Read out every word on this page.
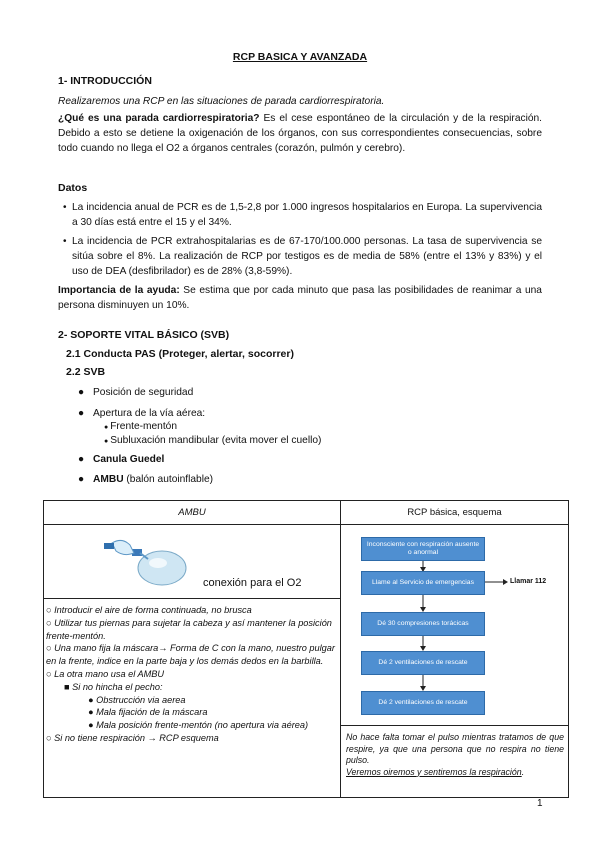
RCP BASICA Y AVANZADA
1- INTRODUCCIÓN
Realizaremos una RCP en las situaciones de parada cardiorrespiratoria.
¿Qué es una parada cardiorrespiratoria? Es el cese espontáneo de la circulación y de la respiración. Debido a esto se detiene la oxigenación de los órganos, con sus correspondientes consecuencias, sobre todo cuando no llega el O2 a órganos centrales (corazón, pulmón y cerebro).
Datos
• La incidencia anual de PCR es de 1,5-2,8 por 1.000 ingresos hospitalarios en Europa. La supervivencia a 30 días está entre el 15 y el 34%.
• La incidencia de PCR extrahospitalarias es de 67-170/100.000 personas. La tasa de supervivencia se sitúa sobre el 8%. La realización de RCP por testigos es de media de 58% (entre el 13% y 83%) y el uso de DEA (desfibrilador) es de 28% (3,8-59%).
Importancia de la ayuda: Se estima que por cada minuto que pasa las posibilidades de reanimar a una persona disminuyen un 10%.
2- SOPORTE VITAL BÁSICO (SVB)
2.1 Conducta PAS (Proteger, alertar, socorrer)
2.2 SVB
● Posición de seguridad
● Apertura de la vía aérea:
● Frente-mentón
● Subluxación mandibular (evita mover el cuello)
● Canula Guedel
● AMBU (balón autoinflable)
AMBU	RCP básica, esquema
conexión para el O2
○ Introducir el aire de forma continuada, no brusca
○ Utilizar tus piernas para sujetar la cabeza y así mantener la posición frente-mentón.
○ Una mano fija la máscara→ Forma de C con la mano, nuestro pulgar en la frente, indice en la parte baja y los demás dedos en la barbilla.
○ La otra mano usa el AMBU
■ Si no hincha el pecho:
● Obstrucción via aerea
● Mala fijación de la máscara
● Mala posición frente-mentón (no apertura via aérea)
○ Si no tiene respiración → RCP esquema
Inconsciente con respiración ausente o anormal
Llame al Servicio de emergencias
Dé 30 compresiones torácicas
Dé 2 ventilaciones de rescate
Dé 2 ventilaciones de rescate
Llamar 112
No hace falta tomar el pulso mientras tratamos de que respire, ya que una persona que no respira no tiene pulso.
Veremos oiremos y sentiremos la respiración.
1
